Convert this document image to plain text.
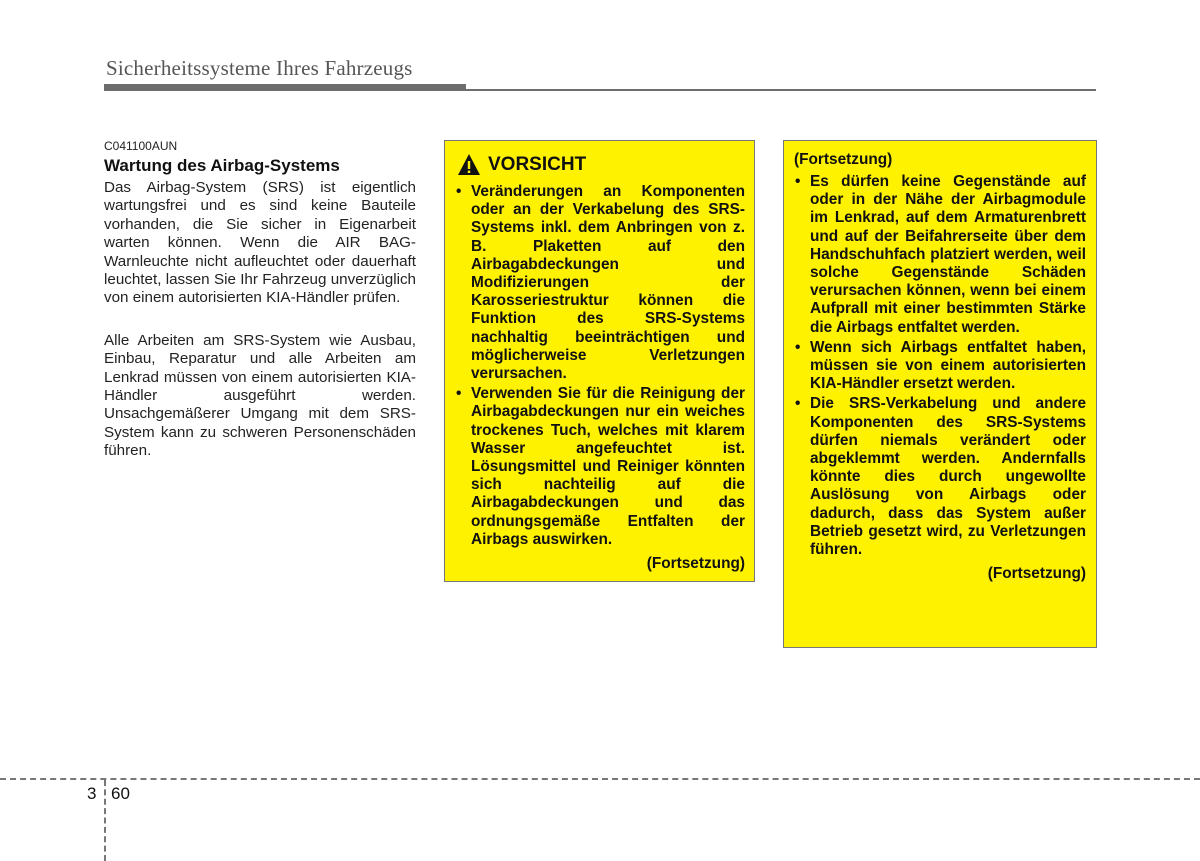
Sicherheitssysteme Ihres Fahrzeugs
C041100AUN
Wartung des Airbag-Systems

Das Airbag-System (SRS) ist eigentlich wartungsfrei und es sind keine Bauteile vorhanden, die Sie sicher in Eigenarbeit warten können. Wenn die AIR BAG-Warnleuchte nicht aufleuchtet oder dauerhaft leuchtet, lassen Sie Ihr Fahrzeug unverzüglich von einem autorisierten KIA-Händler prüfen.

Alle Arbeiten am SRS-System wie Ausbau, Einbau, Reparatur und alle Arbeiten am Lenkrad müssen von einem autorisierten KIA-Händler ausgeführt werden. Unsachgemäßerer Umgang mit dem SRS-System kann zu schweren Personenschäden führen.

VORSICHT
• Veränderungen an Komponenten oder an der Verkabelung des SRS-Systems inkl. dem Anbringen von z. B. Plaketten auf den Airbagabdeckungen und Modifizierungen der Karosseriestruktur können die Funktion des SRS-Systems nachhaltig beeinträchtigen und möglicherweise Verletzungen verursachen.
• Verwenden Sie für die Reinigung der Airbagabdeckungen nur ein weiches trockenes Tuch, welches mit klarem Wasser angefeuchtet ist. Lösungsmittel und Reiniger könnten sich nachteilig auf die Airbagabdeckungen und das ordnungsgemäße Entfalten der Airbags auswirken.
(Fortsetzung)
(Fortsetzung)
• Es dürfen keine Gegenstände auf oder in der Nähe der Airbagmodule im Lenkrad, auf dem Armaturenbrett und auf der Beifahrerseite über dem Handschuhfach platziert werden, weil solche Gegenstände Schäden verursachen können, wenn bei einem Aufprall mit einer bestimmten Stärke die Airbags entfaltet werden.
• Wenn sich Airbags entfaltet haben, müssen sie von einem autorisierten KIA-Händler ersetzt werden.
• Die SRS-Verkabelung und andere Komponenten des SRS-Systems dürfen niemals verändert oder abgeklemmt werden. Andernfalls könnte dies durch ungewollte Auslösung von Airbags oder dadurch, dass das System außer Betrieb gesetzt wird, zu Verletzungen führen.
(Fortsetzung)
3 60
